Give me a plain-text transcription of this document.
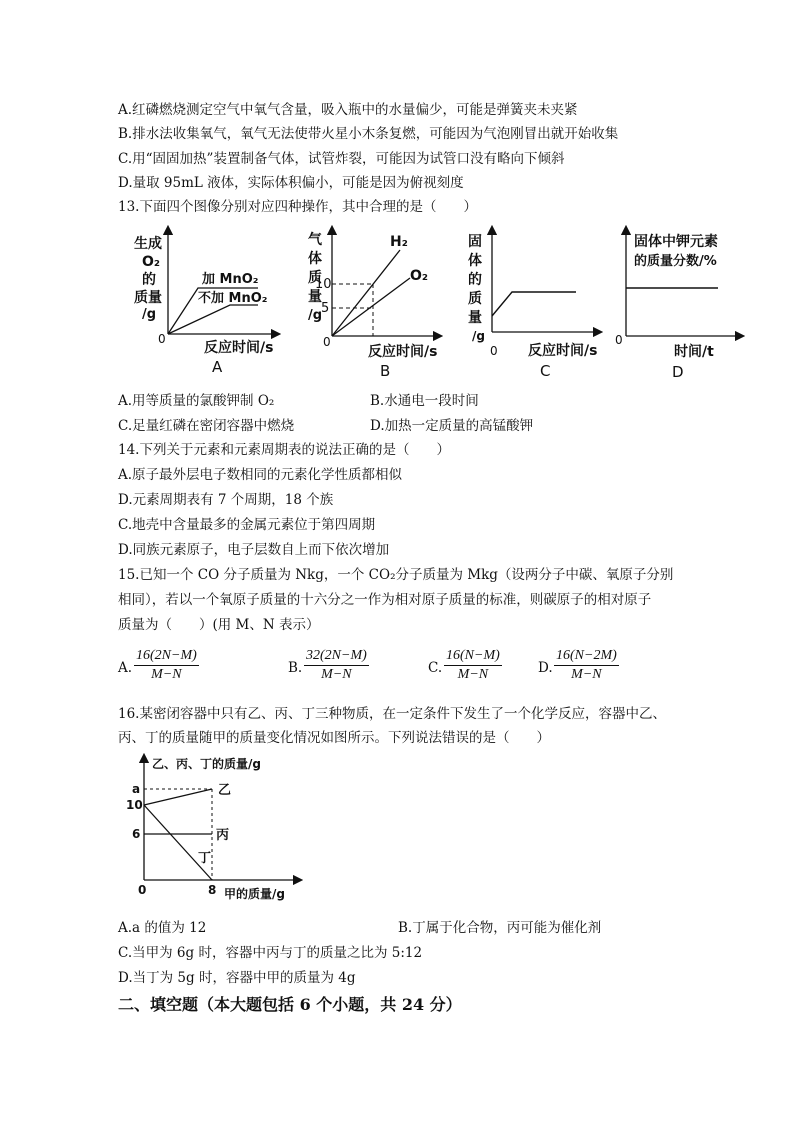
A.红磷燃烧测定空气中氧气含量，吸入瓶中的水量偏少，可能是弹簧夹未夹紧
B.排水法收集氧气，氧气无法使带火星小木条复燃，可能因为气泡刚冒出就开始收集
C.用“固固加热”装置制备气体，试管炸裂，可能因为试管口没有略向下倾斜
D.量取 95mL 液体，实际体积偏小，可能是因为俯视刻度
13.下面四个图像分别对应四种操作，其中合理的是（　　）
生成
O₂
的
质量
/g
加 MnO₂
不加 MnO₂
0
反应时间/s
A
气
体
质
量
/g
10
5
H₂
O₂
0
反应时间/s
B
固
体
的
质
量
/g
0 反应时间/s
C
固体中钾元素
的质量分数/%
0
时间/t
D
A.用等质量的氯酸钾制 O₂	B.水通电一段时间
C.足量红磷在密闭容器中燃烧	D.加热一定质量的高锰酸钾
14.下列关于元素和元素周期表的说法正确的是（　　）
A.原子最外层电子数相同的元素化学性质都相似
D.元素周期表有 7 个周期，18 个族
C.地壳中含量最多的金属元素位于第四周期
D.同族元素原子，电子层数自上而下依次增加
15.已知一个 CO 分子质量为 Nkg，一个 CO₂分子质量为 Mkg（设两分子中碳、氧原子分别
相同），若以一个氧原子质量的十六分之一作为相对原子质量的标准，则碳原子的相对原子
质量为（　　）(用 M、N 表示）
A. $\frac{16(2N-M)}{M-N}$	B. $\frac{32(2N-M)}{M-N}$	C. $\frac{16(N-M)}{M-N}$	D. $\frac{16(N-2M)}{M-N}$
16.某密闭容器中只有乙、丙、丁三种物质，在一定条件下发生了一个化学反应，容器中乙、
丙、丁的质量随甲的质量变化情况如图所示。下列说法错误的是（　　）
乙、丙、丁的质量/g
a
10
6
0	8 甲的质量/g
乙
丙
丁
A.a 的值为 12	B.丁属于化合物，丙可能为催化剂
C.当甲为 6g 时，容器中丙与丁的质量之比为 5:12
D.当丁为 5g 时，容器中甲的质量为 4g
二、填空题（本大题包括 6 个小题，共 24 分）
